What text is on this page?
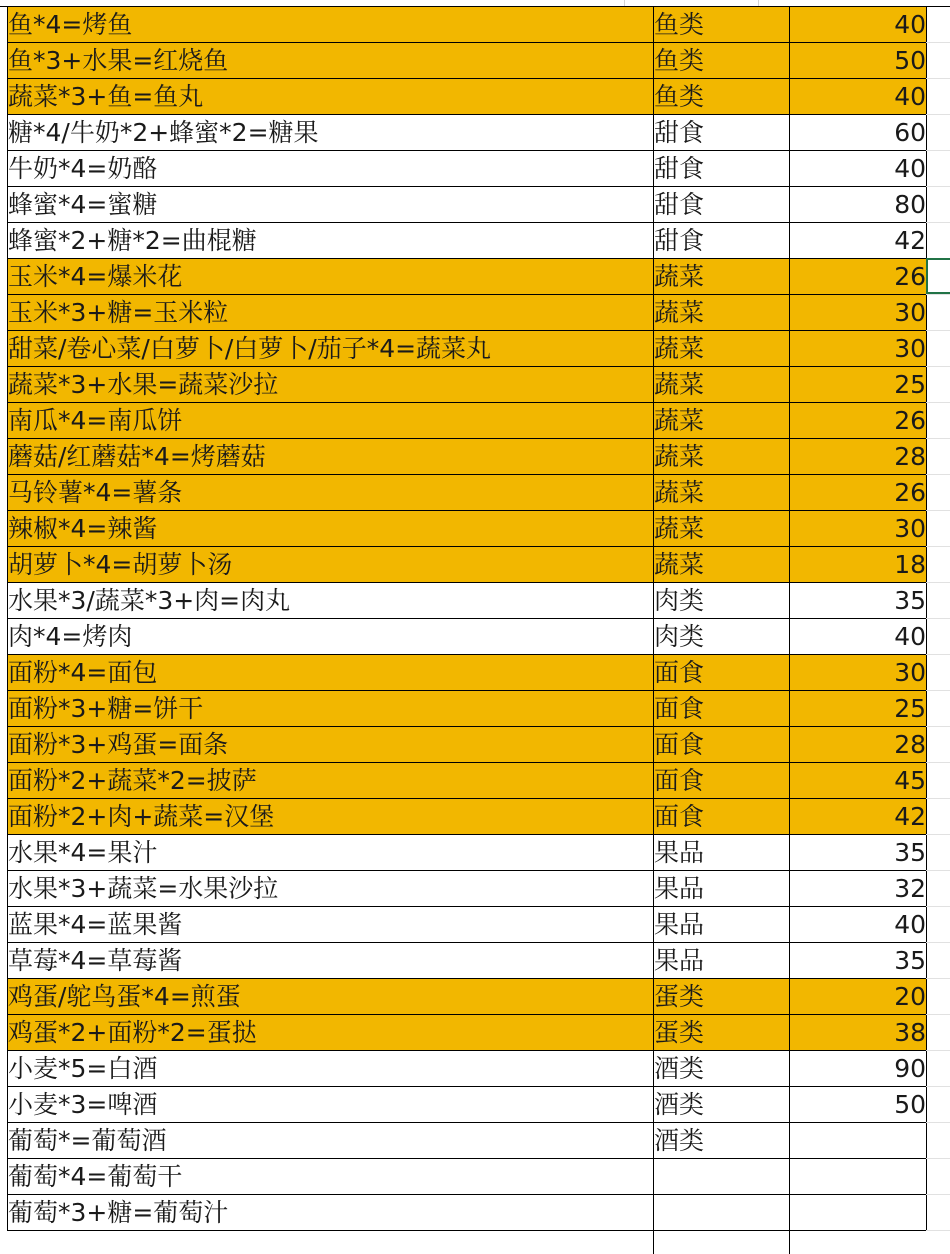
鱼*4=烤鱼	鱼类	40
鱼*3+水果=红烧鱼	鱼类	50
蔬菜*3+鱼=鱼丸	鱼类	40
糖*4/牛奶*2+蜂蜜*2=糖果	甜食	60
牛奶*4=奶酪	甜食	40
蜂蜜*4=蜜糖	甜食	80
蜂蜜*2+糖*2=曲棍糖	甜食	42
玉米*4=爆米花	蔬菜	26
玉米*3+糖=玉米粒	蔬菜	30
甜菜/卷心菜/白萝卜/白萝卜/茄子*4=蔬菜丸	蔬菜	30
蔬菜*3+水果=蔬菜沙拉	蔬菜	25
南瓜*4=南瓜饼	蔬菜	26
蘑菇/红蘑菇*4=烤蘑菇	蔬菜	28
马铃薯*4=薯条	蔬菜	26
辣椒*4=辣酱	蔬菜	30
胡萝卜*4=胡萝卜汤	蔬菜	18
水果*3/蔬菜*3+肉=肉丸	肉类	35
肉*4=烤肉	肉类	40
面粉*4=面包	面食	30
面粉*3+糖=饼干	面食	25
面粉*3+鸡蛋=面条	面食	28
面粉*2+蔬菜*2=披萨	面食	45
面粉*2+肉+蔬菜=汉堡	面食	42
水果*4=果汁	果品	35
水果*3+蔬菜=水果沙拉	果品	32
蓝果*4=蓝果酱	果品	40
草莓*4=草莓酱	果品	35
鸡蛋/鸵鸟蛋*4=煎蛋	蛋类	20
鸡蛋*2+面粉*2=蛋挞	蛋类	38
小麦*5=白酒	酒类	90
小麦*3=啤酒	酒类	50
葡萄*=葡萄酒	酒类	
葡萄*4=葡萄干		
葡萄*3+糖=葡萄汁		
